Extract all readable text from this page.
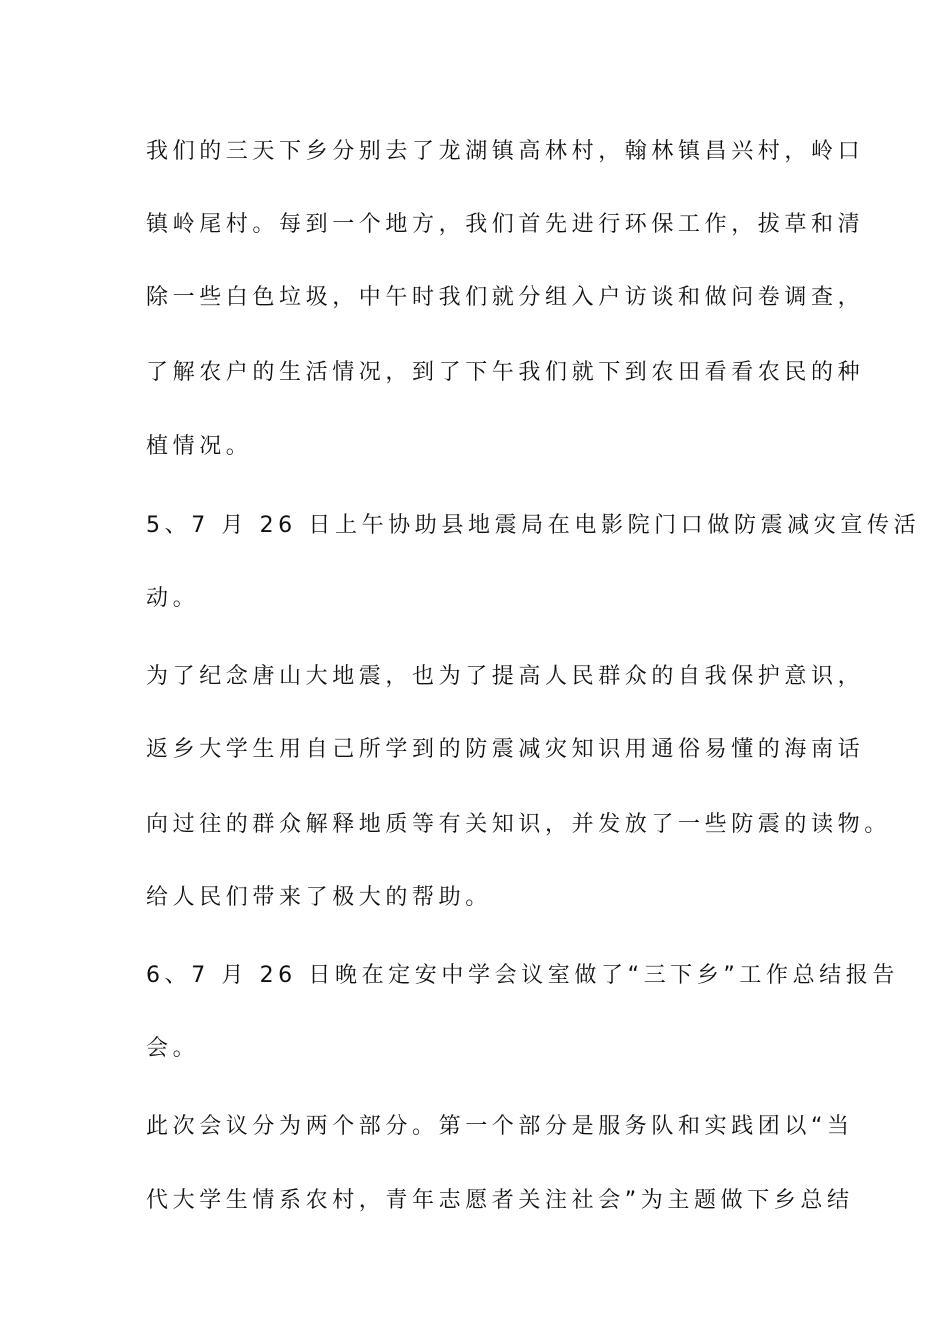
我们的三天下乡分别去了龙湖镇高林村，翰林镇昌兴村，岭口
镇岭尾村。每到一个地方，我们首先进行环保工作，拔草和清
除一些白色垃圾，中午时我们就分组入户访谈和做问卷调查，
了解农户的生活情况，到了下午我们就下到农田看看农民的种
植情况。
5、7 月 26 日上午协助县地震局在电影院门口做防震减灾宣传活
动。
为了纪念唐山大地震，也为了提高人民群众的自我保护意识，
返乡大学生用自己所学到的防震减灾知识用通俗易懂的海南话
向过往的群众解释地质等有关知识，并发放了一些防震的读物。
给人民们带来了极大的帮助。
6、7 月 26 日晚在定安中学会议室做了“三下乡”工作总结报告
会。
此次会议分为两个部分。第一个部分是服务队和实践团以“当
代大学生情系农村，青年志愿者关注社会”为主题做下乡总结
